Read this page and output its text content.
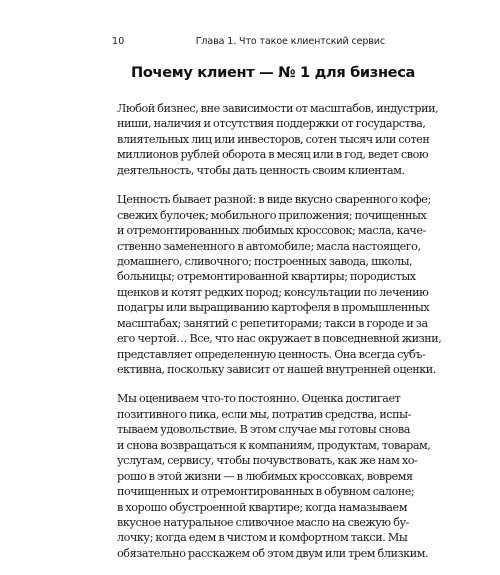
10	Глава 1. Что такое клиентский сервис
Почему клиент — № 1 для бизнеса
Любой бизнес, вне зависимости от масштабов, индустрии,
ниши, наличия и отсутствия поддержки от государства,
влиятельных лиц или инвесторов, сотен тысяч или сотен
миллионов рублей оборота в месяц или в год, ведет свою
деятельность, чтобы дать ценность своим клиентам.
Ценность бывает разной: в виде вкусно сваренного кофе;
свежих булочек; мобильного приложения; почищенных
и отремонтированных любимых кроссовок; масла, каче-
ственно замененного в автомобиле; масла настоящего,
домашнего, сливочного; построенных завода, школы,
больницы; отремонтированной квартиры; породистых
щенков и котят редких пород; консультации по лечению
подагры или выращиванию картофеля в промышленных
масштабах; занятий с репетиторами; такси в городе и за
его чертой… Все, что нас окружает в повседневной жизни,
представляет определенную ценность. Она всегда субъ-
ективна, поскольку зависит от нашей внутренней оценки.
Мы оцениваем что-то постоянно. Оценка достигает
позитивного пика, если мы, потратив средства, испы-
тываем удовольствие. В этом случае мы готовы снова
и снова возвращаться к компаниям, продуктам, товарам,
услугам, сервису, чтобы почувствовать, как же нам хо-
рошо в этой жизни — в любимых кроссовках, вовремя
почищенных и отремонтированных в обувном салоне;
в хорошо обустроенной квартире; когда намазываем
вкусное натуральное сливочное масло на свежую бу-
лочку; когда едем в чистом и комфортном такси. Мы
обязательно расскажем об этом двум или трем близким.
